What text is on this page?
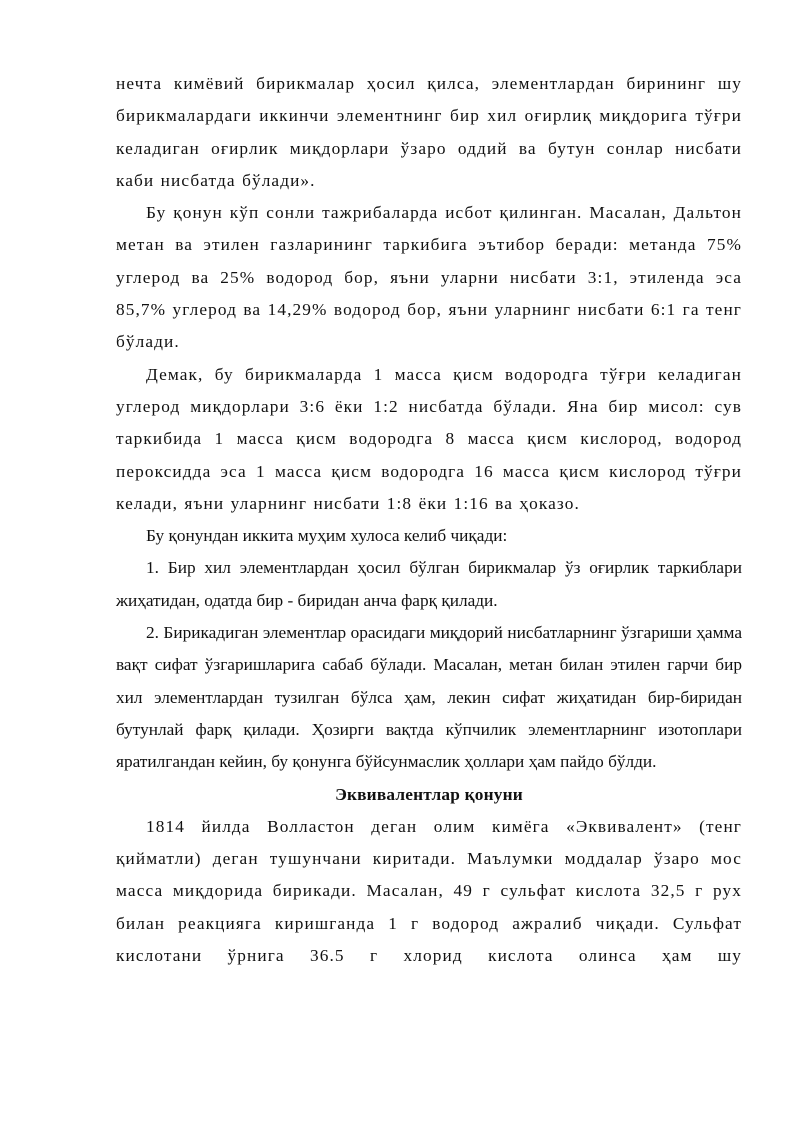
нечта кимёвий бирикмалар ҳосил қилса, элементлардан бирининг шу бирикмалардаги иккинчи элементнинг бир хил оғирлиқ миқдорига тўғри келадиган оғирлик миқдорлари ўзаро оддий ва бутун сонлар нисбати каби нисбатда бўлади».

Бу қонун кўп сонли тажрибаларда исбот қилинган. Масалан, Дальтон метан ва этилен газларининг таркибига эътибор беради: метанда 75% углерод ва 25% водород бор, яъни уларни нисбати 3:1, этиленда эса 85,7% углерод ва 14,29% водород бор, яъни уларнинг нисбати 6:1 га тенг бўлади.

Демак, бу бирикмаларда 1 масса қисм водородга тўғри келадиган углерод миқдорлари 3:6 ёки 1:2 нисбатда бўлади. Яна бир мисол: сув таркибида 1 масса қисм водородга 8 масса қисм кислород, водород пероксидда эса 1 масса қисм водородга 16 масса қисм кислород тўғри келади, яъни уларнинг нисбати 1:8 ёки 1:16 ва ҳоказо.

Бу қонундан иккита муҳим хулоса келиб чиқади:

1. Бир хил элементлардан ҳосил бўлган бирикмалар ўз оғирлик таркиблари жиҳатидан, одатда бир - биридан анча фарқ қилади.

2. Бирикадиган элементлар орасидаги миқдорий нисбатларнинг ўзгариши ҳамма вақт сифат ўзгаришларига сабаб бўлади. Масалан, метан билан этилен гарчи бир хил элементлардан тузилган бўлса ҳам, лекин сифат жиҳатидан бир-биридан бутунлай фарқ қилади. Ҳозирги вақтда кўпчилик элементларнинг изотоплари яратилгандан кейин, бу қонунга бўйсунмаслик ҳоллари ҳам пайдо бўлди.

Эквивалентлар қонуни

1814 йилда Волластон деган олим кимёга «Эквивалент» (тенг қийматли) деган тушунчани киритади. Маълумки моддалар ўзаро мос масса миқдорида бирикади. Масалан, 49 г сульфат кислота 32,5 г рух билан реакцияга киришганда 1 г водород ажралиб чиқади. Сульфат кислотани ўрнига 36.5 г хлорид кислота олинса ҳам шу
